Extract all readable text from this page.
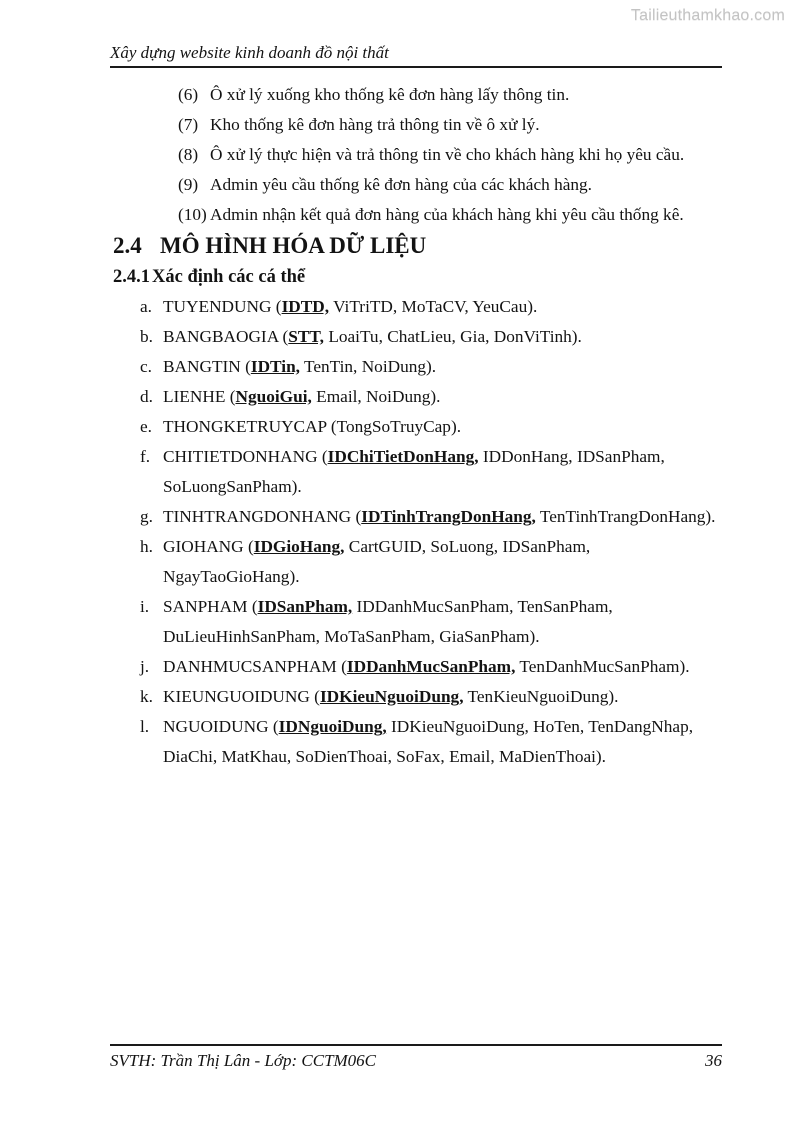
Tailieuthamkhao.com
Xây dựng website kinh doanh đồ nội thất
(6) Ô xử lý xuống kho thống kê đơn hàng lấy thông tin.
(7) Kho thống kê đơn hàng trả thông tin về ô xử lý.
(8) Ô xử lý thực hiện và trả thông tin về cho khách hàng khi họ yêu cầu.
(9) Admin yêu cầu thống kê đơn hàng của các khách hàng.
(10) Admin nhận kết quả đơn hàng của khách hàng khi yêu cầu thống kê.
2.4 MÔ HÌNH HÓA DỮ LIỆU
2.4.1 Xác định các cá thể
a. TUYENDUNG (IDTD, ViTriTD, MoTaCV, YeuCau).
b. BANGBAOGIA (STT, LoaiTu, ChatLieu, Gia, DonViTinh).
c. BANGTIN (IDTin, TenTin, NoiDung).
d. LIENHE (NguoiGui, Email, NoiDung).
e. THONGKETRUYCAP (TongSoTruyCap).
f. CHITIETDONHANG (IDChiTietDonHang, IDDonHang, IDSanPham, SoLuongSanPham).
g. TINHTRANGDONHANG (IDTinhTrangDonHang, TenTinhTrangDonHang).
h. GIOHANG (IDGioHang, CartGUID, SoLuong, IDSanPham, NgayTaoGioHang).
i. SANPHAM (IDSanPham, IDDanhMucSanPham, TenSanPham, DuLieuHinhSanPham, MoTaSanPham, GiaSanPham).
j. DANHMUCSANPHAM (IDDanhMucSanPham, TenDanhMucSanPham).
k. KIEUNGUOIDUNG (IDKieuNguoiDung, TenKieuNguoiDung).
l. NGUOIDUNG (IDNguoiDung, IDKieuNguoiDung, HoTen, TenDangNhap, DiaChi, MatKhau, SoDienThoai, SoFax, Email, MaDienThoai).
SVTH: Trần Thị Lân - Lớp: CCTM06C	36
